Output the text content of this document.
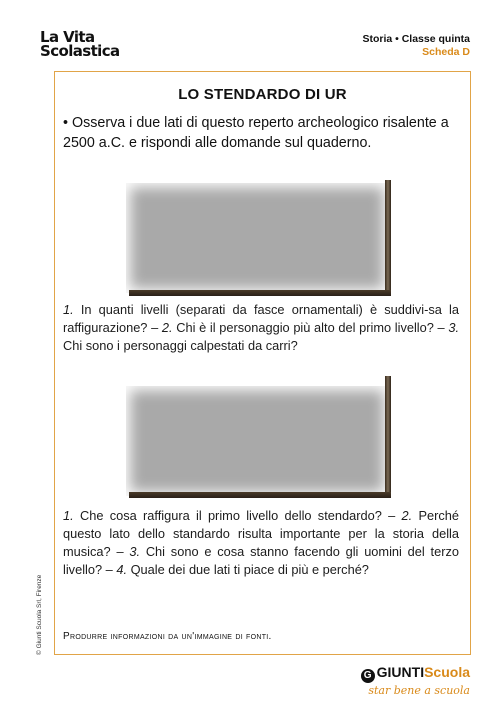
La Vita
Scolastica
Storia • Classe quinta
Scheda D
LO STENDARDO DI UR
• Osserva i due lati di questo reperto archeologico risalente a 2500 a.C. e rispondi alle domande sul quaderno.
1. In quanti livelli (separati da fasce ornamentali) è suddivi-sa la raffigurazione? – 2. Chi è il personaggio più alto del primo livello? – 3. Chi sono i personaggi calpestati da carri?
1. Che cosa raffigura il primo livello dello stendardo? – 2. Perché questo lato dello standardo risulta importante per la storia della musica? – 3. Chi sono e cosa stanno facendo gli uomini del terzo livello? – 4. Quale dei due lati ti piace di più e perché?
Produrre informazioni da un'immagine di fonti.
© Giunti Scuola Srl, Firenze
G GIUNTIScuola
star bene a scuola
